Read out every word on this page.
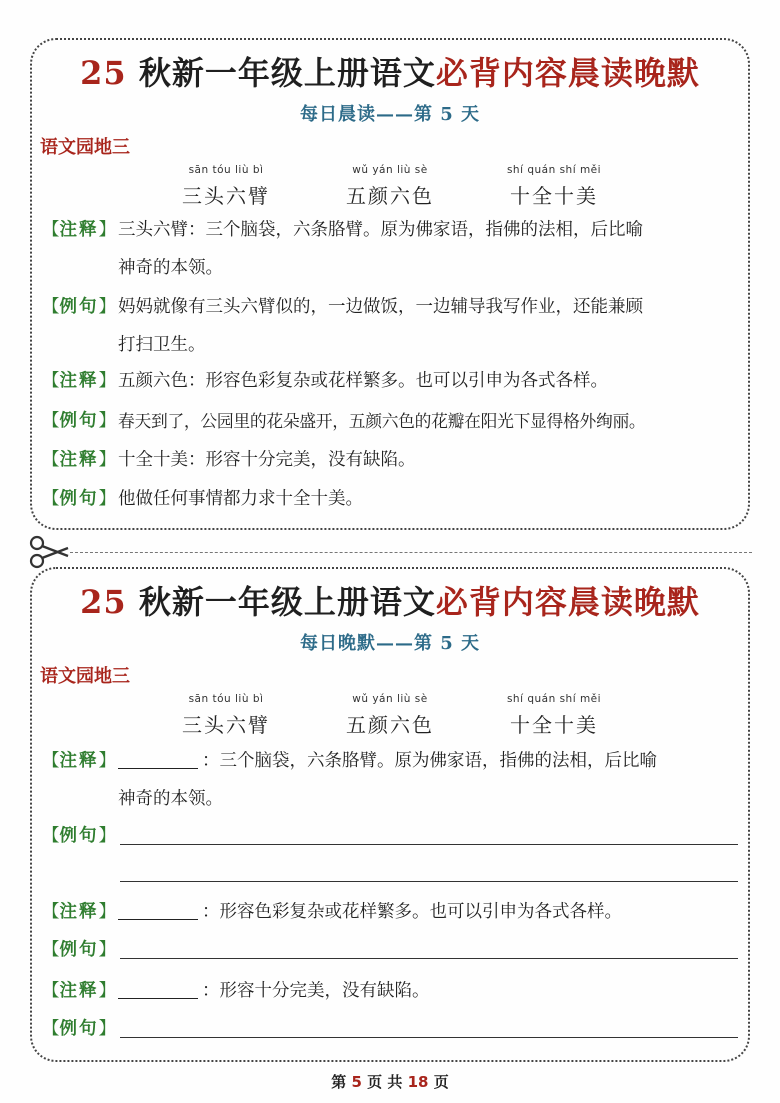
25 秋新一年级上册语文必背内容晨读晚默
每日晨读——第 5 天
语文园地三
sān tóu liù bì
三头六臂
wǔ yán liù sè
五颜六色
shí quán shí měi
十全十美
【注释】 三头六臂：三个脑袋，六条胳臂。原为佛家语，指佛的法相，后比喻
神奇的本领。
【例句】 妈妈就像有三头六臂似的，一边做饭，一边辅导我写作业，还能兼顾
打扫卫生。
【注释】 五颜六色：形容色彩复杂或花样繁多。也可以引申为各式各样。
【例句】 春天到了，公园里的花朵盛开，五颜六色的花瓣在阳光下显得格外绚丽。
【注释】 十全十美：形容十分完美，没有缺陷。
【例句】 他做任何事情都力求十全十美。
25 秋新一年级上册语文必背内容晨读晚默
每日晚默——第 5 天
语文园地三
sān tóu liù bì
三头六臂
wǔ yán liù sè
五颜六色
shí quán shí měi
十全十美
【注释】	：三个脑袋，六条胳臂。原为佛家语，指佛的法相，后比喻
神奇的本领。
【例句】
【注释】	：形容色彩复杂或花样繁多。也可以引申为各式各样。
【例句】
【注释】	：形容十分完美，没有缺陷。
【例句】
第 5 页 共 18 页
